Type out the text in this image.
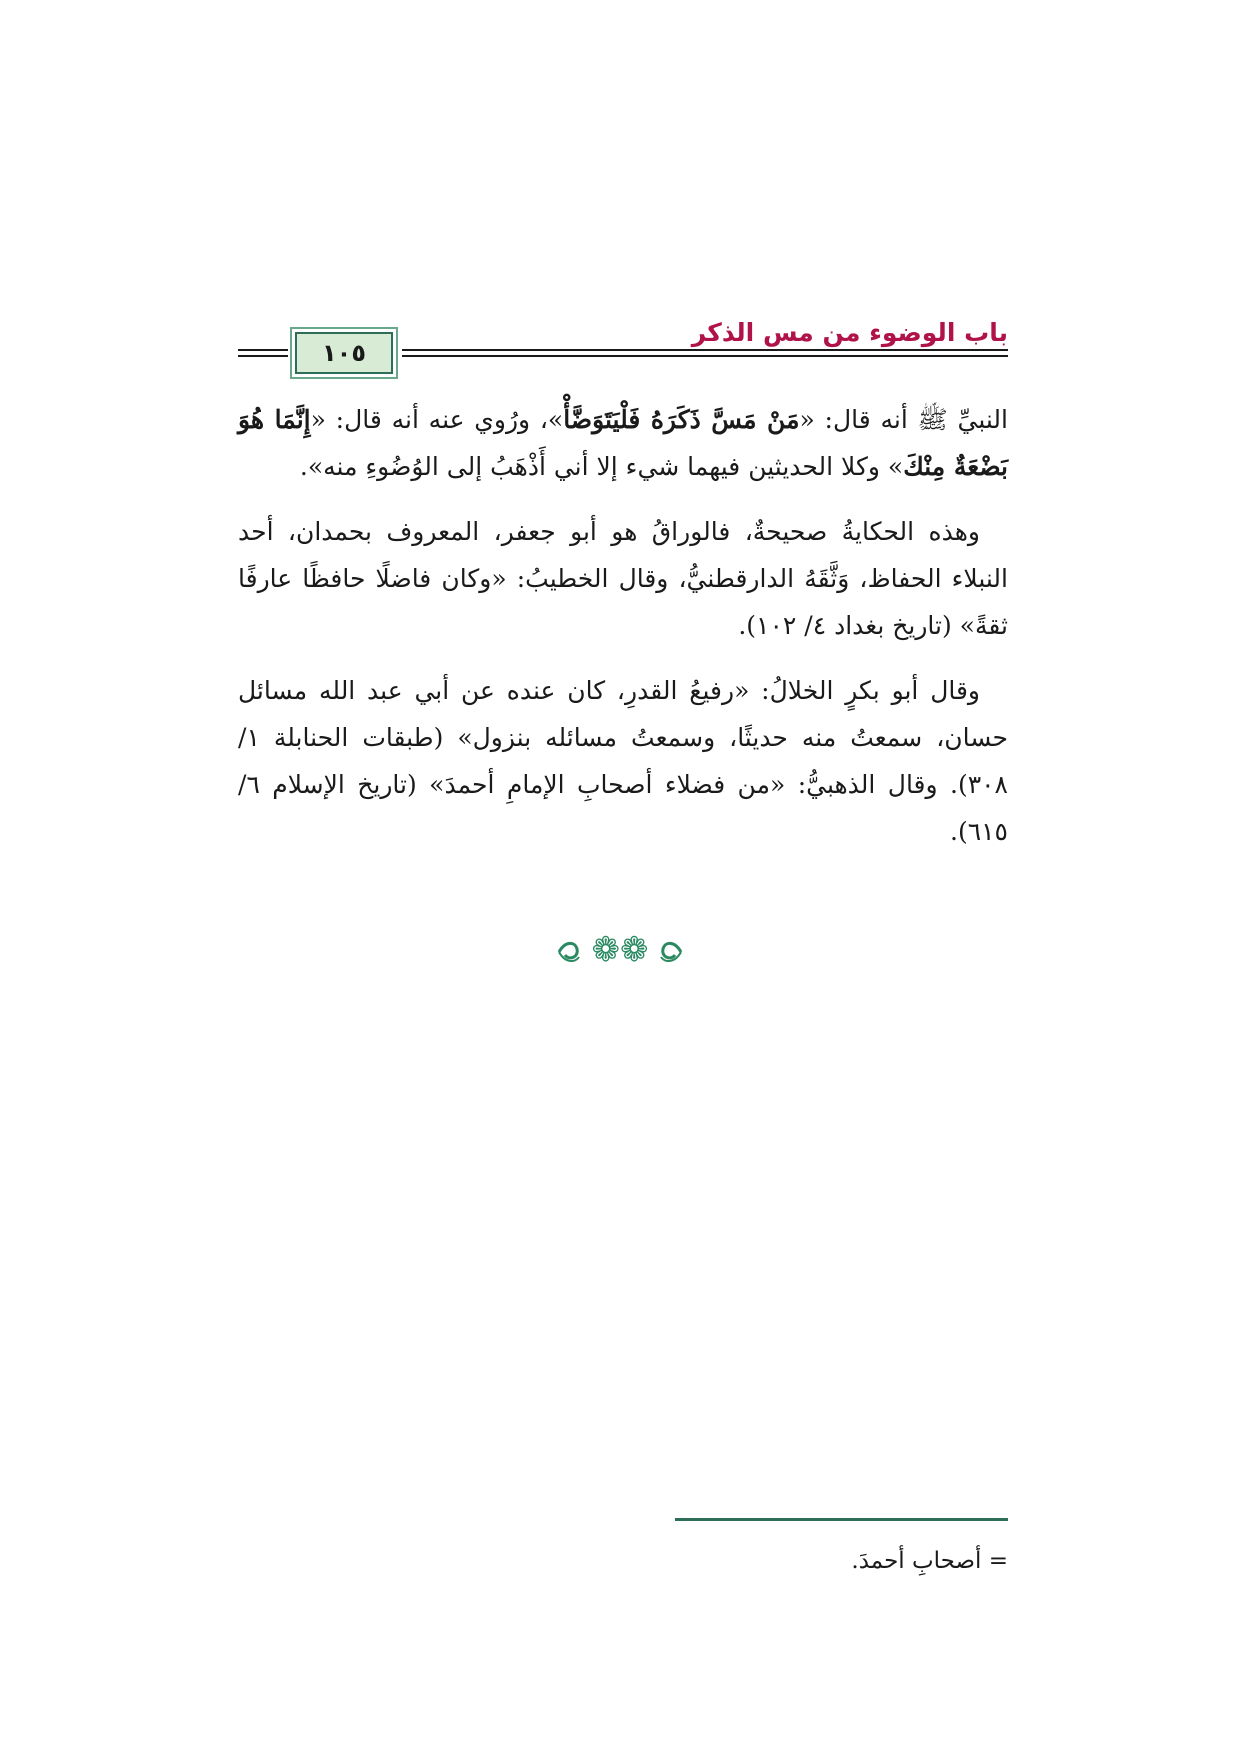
باب الوضوء من مس الذكر
١٠٥

النبيِّ ﷺ أنه قال: «مَنْ مَسَّ ذَكَرَهُ فَلْيَتَوَضَّأْ»، ورُوي عنه أنه قال: «إِنَّمَا هُوَ بَضْعَةٌ مِنْكَ» وكلا الحديثين فيهما شيء إلا أني أَذْهَبُ إلى الوُضُوءِ منه».

وهذه الحكايةُ صحيحةٌ، فالوراقُ هو أبو جعفر، المعروف بحمدان، أحد النبلاء الحفاظ، وَثَّقَهُ الدارقطنيُّ، وقال الخطيبُ: «وكان فاضلًا حافظًا عارفًا ثقةً» (تاريخ بغداد ٤/ ١٠٢).

وقال أبو بكرٍ الخلالُ: «رفيعُ القدرِ، كان عنده عن أبي عبد الله مسائل حسان، سمعتُ منه حديثًا، وسمعتُ مسائله بنزول» (طبقات الحنابلة ١/ ٣٠٨). وقال الذهبيُّ: «من فضلاء أصحابِ الإمامِ أحمدَ» (تاريخ الإسلام ٦/ ٦١٥).

❁❁
= أصحابِ أحمدَ.
